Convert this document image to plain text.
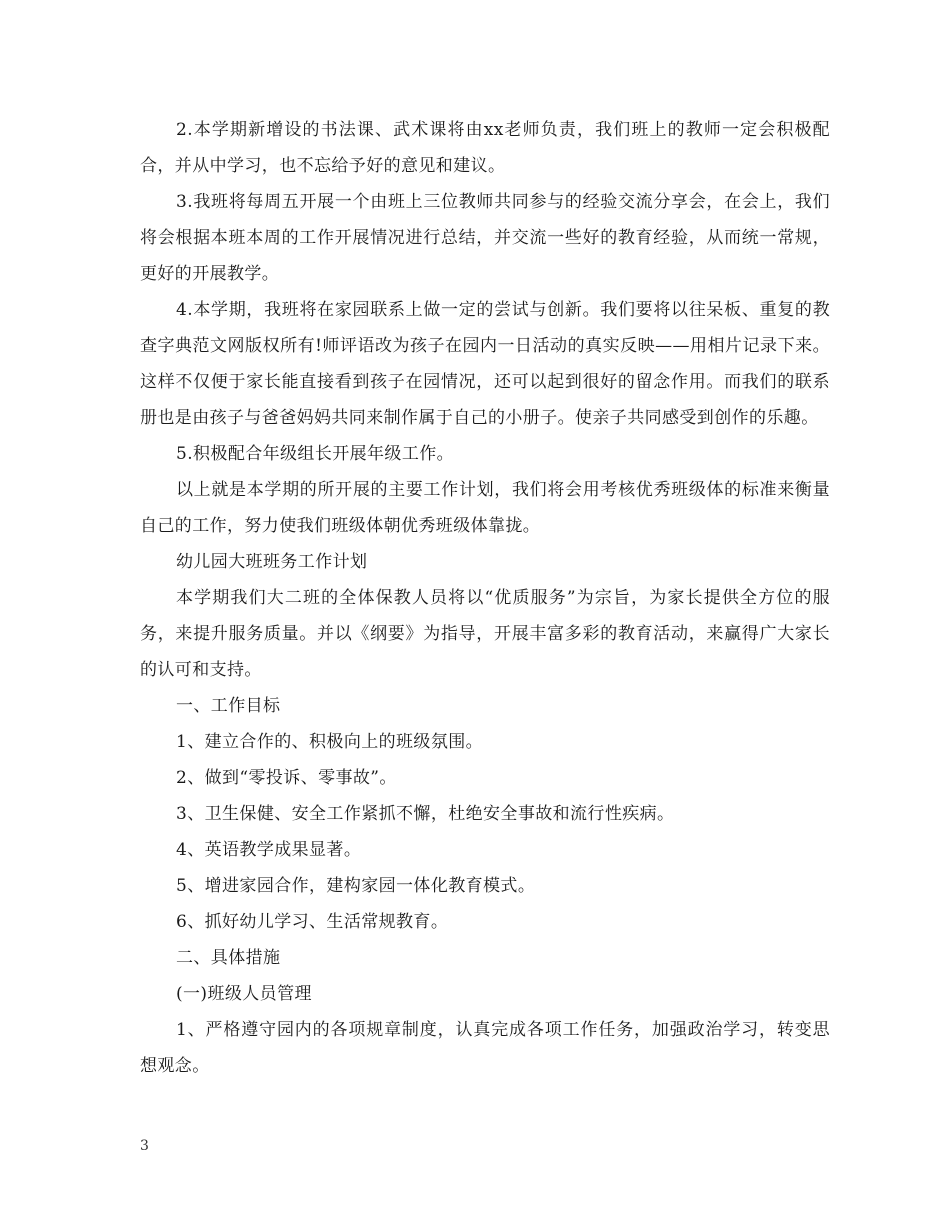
2.本学期新增设的书法课、武术课将由xx老师负责，我们班上的教师一定会积极配合，并从中学习，也不忘给予好的意见和建议。

3.我班将每周五开展一个由班上三位教师共同参与的经验交流分享会，在会上，我们将会根据本班本周的工作开展情况进行总结，并交流一些好的教育经验，从而统一常规，更好的开展教学。

4.本学期，我班将在家园联系上做一定的尝试与创新。我们要将以往呆板、重复的教查字典范文网版权所有!师评语改为孩子在园内一日活动的真实反映——用相片记录下来。这样不仅便于家长能直接看到孩子在园情况，还可以起到很好的留念作用。而我们的联系册也是由孩子与爸爸妈妈共同来制作属于自己的小册子。使亲子共同感受到创作的乐趣。

5.积极配合年级组长开展年级工作。

以上就是本学期的所开展的主要工作计划，我们将会用考核优秀班级体的标准来衡量自己的工作，努力使我们班级体朝优秀班级体靠拢。

幼儿园大班班务工作计划

本学期我们大二班的全体保教人员将以“优质服务”为宗旨，为家长提供全方位的服务，来提升服务质量。并以《纲要》为指导，开展丰富多彩的教育活动，来赢得广大家长的认可和支持。

一、工作目标

1、建立合作的、积极向上的班级氛围。

2、做到“零投诉、零事故”。

3、卫生保健、安全工作紧抓不懈，杜绝安全事故和流行性疾病。

4、英语教学成果显著。

5、增进家园合作，建构家园一体化教育模式。

6、抓好幼儿学习、生活常规教育。

二、具体措施

(一)班级人员管理

1、严格遵守园内的各项规章制度，认真完成各项工作任务，加强政治学习，转变思想观念。

3
